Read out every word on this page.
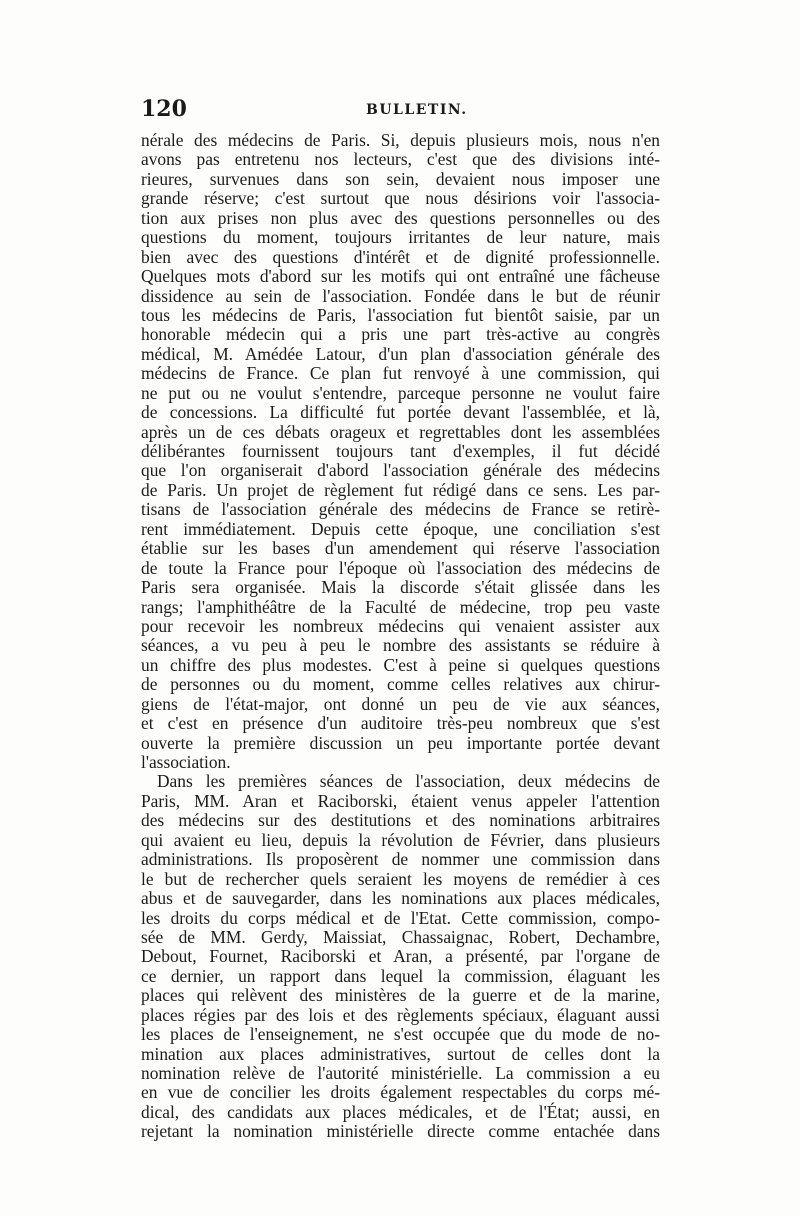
120	BULLETIN.
nérale des médecins de Paris. Si, depuis plusieurs mois, nous n'en
avons pas entretenu nos lecteurs, c'est que des divisions inté-
rieures, survenues dans son sein, devaient nous imposer une
grande réserve; c'est surtout que nous désirions voir l'associa-
tion aux prises non plus avec des questions personnelles ou des
questions du moment, toujours irritantes de leur nature, mais
bien avec des questions d'intérêt et de dignité professionnelle.
Quelques mots d'abord sur les motifs qui ont entraîné une fâcheuse
dissidence au sein de l'association. Fondée dans le but de réunir
tous les médecins de Paris, l'association fut bientôt saisie, par un
honorable médecin qui a pris une part très-active au congrès
médical, M. Amédée Latour, d'un plan d'association générale des
médecins de France. Ce plan fut renvoyé à une commission, qui
ne put ou ne voulut s'entendre, parceque personne ne voulut faire
de concessions. La difficulté fut portée devant l'assemblée, et là,
après un de ces débats orageux et regrettables dont les assemblées
délibérantes fournissent toujours tant d'exemples, il fut décidé
que l'on organiserait d'abord l'association générale des médecins
de Paris. Un projet de règlement fut rédigé dans ce sens. Les par-
tisans de l'association générale des médecins de France se retirè-
rent immédiatement. Depuis cette époque, une conciliation s'est
établie sur les bases d'un amendement qui réserve l'association
de toute la France pour l'époque où l'association des médecins de
Paris sera organisée. Mais la discorde s'était glissée dans les
rangs; l'amphithéâtre de la Faculté de médecine, trop peu vaste
pour recevoir les nombreux médecins qui venaient assister aux
séances, a vu peu à peu le nombre des assistants se réduire à
un chiffre des plus modestes. C'est à peine si quelques questions
de personnes ou du moment, comme celles relatives aux chirur-
giens de l'état-major, ont donné un peu de vie aux séances,
et c'est en présence d'un auditoire très-peu nombreux que s'est
ouverte la première discussion un peu importante portée devant
l'association.
Dans les premières séances de l'association, deux médecins de
Paris, MM. Aran et Raciborski, étaient venus appeler l'attention
des médecins sur des destitutions et des nominations arbitraires
qui avaient eu lieu, depuis la révolution de Février, dans plusieurs
administrations. Ils proposèrent de nommer une commission dans
le but de rechercher quels seraient les moyens de remédier à ces
abus et de sauvegarder, dans les nominations aux places médicales,
les droits du corps médical et de l'Etat. Cette commission, compo-
sée de MM. Gerdy, Maissiat, Chassaignac, Robert, Dechambre,
Debout, Fournet, Raciborski et Aran, a présenté, par l'organe de
ce dernier, un rapport dans lequel la commission, élaguant les
places qui relèvent des ministères de la guerre et de la marine,
places régies par des lois et des règlements spéciaux, élaguant aussi
les places de l'enseignement, ne s'est occupée que du mode de no-
mination aux places administratives, surtout de celles dont la
nomination relève de l'autorité ministérielle. La commission a eu
en vue de concilier les droits également respectables du corps mé-
dical, des candidats aux places médicales, et de l'État; aussi, en
rejetant la nomination ministérielle directe comme entachée dans
